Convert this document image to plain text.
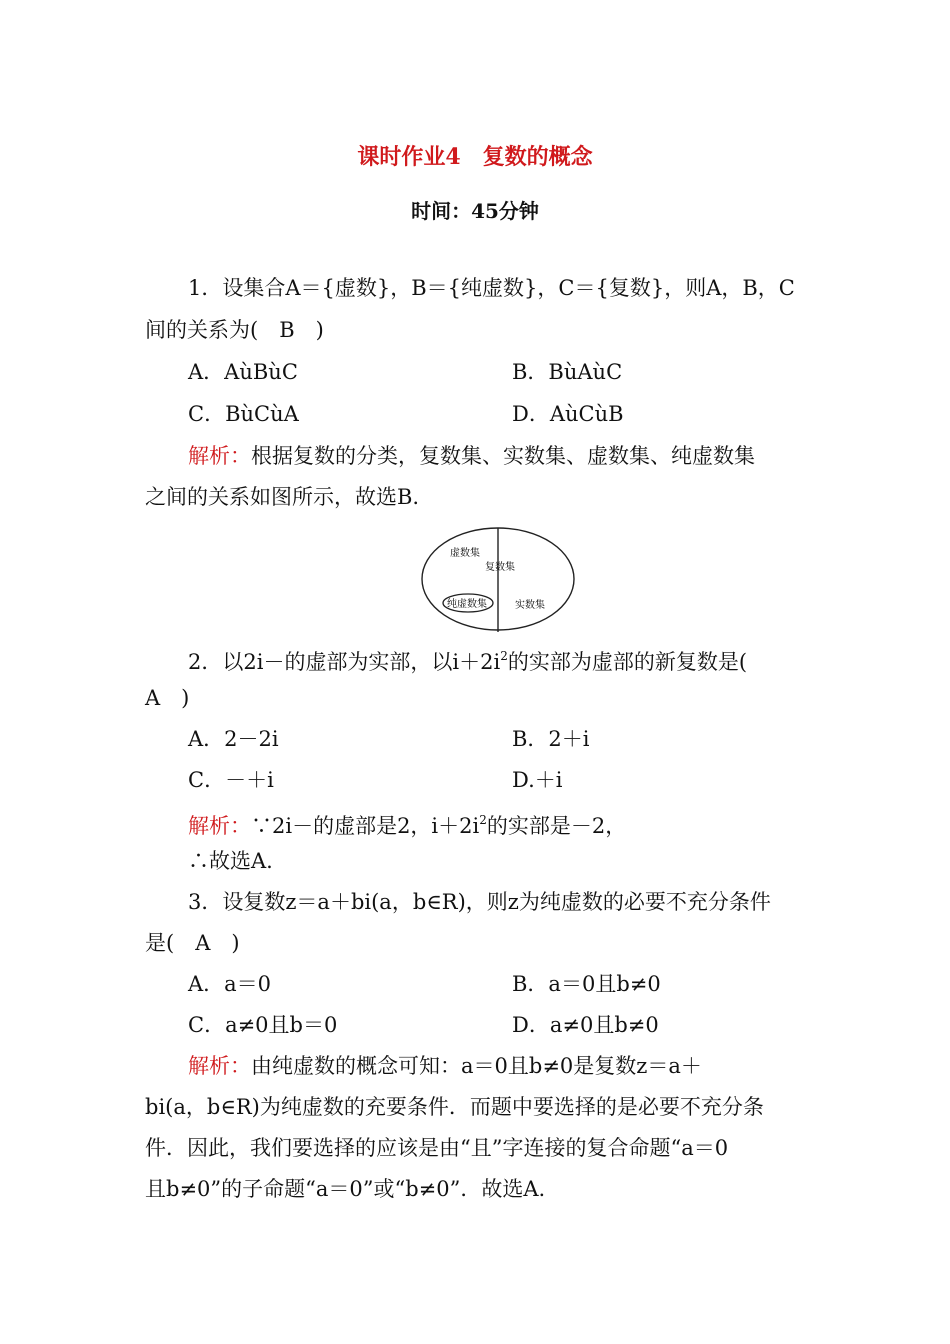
课时作业4　复数的概念
时间：45分钟
1．设集合A＝{虚数}，B＝{纯虚数}，C＝{复数}，则A，B，C
间的关系为(　B　)
A．AùBùC	B．BùAùC
C．BùCùA	D．AùCùB
解析：根据复数的分类，复数集、实数集、虚数集、纯虚数集
之间的关系如图所示，故选B.
虚数集
复数集
纯虚数集	实数集
2．以2i－的虚部为实部，以$i+2i^2$的实部为虚部的新复数是(
A　)
A．2－2i	B．2＋i
C．－＋i	D.＋i
解析：∵2i－的虚部是2，$i+2i^2$的实部是－2，
∴故选A.
3．设复数z＝a＋bi(a，b∈R)，则z为纯虚数的必要不充分条件
是(　A　)
A．a＝0	B．a＝0且b≠0
C．a≠0且b＝0	D．a≠0且b≠0
解析：由纯虚数的概念可知：a＝0且b≠0是复数z＝a＋
bi(a，b∈R)为纯虚数的充要条件．而题中要选择的是必要不充分条
件．因此，我们要选择的应该是由“且”字连接的复合命题“a＝0
且b≠0”的子命题“a＝0”或“b≠0”．故选A.
